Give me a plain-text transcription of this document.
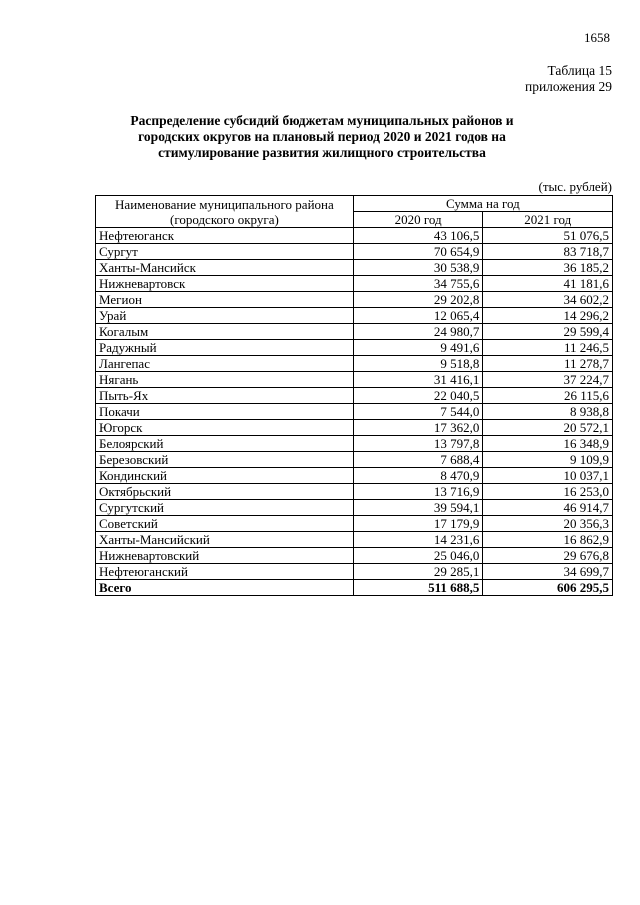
1658
Таблица 15
приложения 29
Распределение субсидий бюджетам муниципальных районов и городских округов на плановый период 2020 и 2021 годов на стимулирование развития жилищного строительства
(тыс. рублей)
Наименование муниципального района
(городского округа)	Сумма на год	
	2020 год	2021 год
Нефтеюганск	43 106,5	51 076,5
Сургут	70 654,9	83 718,7
Ханты-Мансийск	30 538,9	36 185,2
Нижневартовск	34 755,6	41 181,6
Мегион	29 202,8	34 602,2
Урай	12 065,4	14 296,2
Когалым	24 980,7	29 599,4
Радужный	9 491,6	11 246,5
Лангепас	9 518,8	11 278,7
Нягань	31 416,1	37 224,7
Пыть-Ях	22 040,5	26 115,6
Покачи	7 544,0	8 938,8
Югорск	17 362,0	20 572,1
Белоярский	13 797,8	16 348,9
Березовский	7 688,4	9 109,9
Кондинский	8 470,9	10 037,1
Октябрьский	13 716,9	16 253,0
Сургутский	39 594,1	46 914,7
Советский	17 179,9	20 356,3
Ханты-Мансийский	14 231,6	16 862,9
Нижневартовский	25 046,0	29 676,8
Нефтеюганский	29 285,1	34 699,7
Всего	511 688,5	606 295,5
